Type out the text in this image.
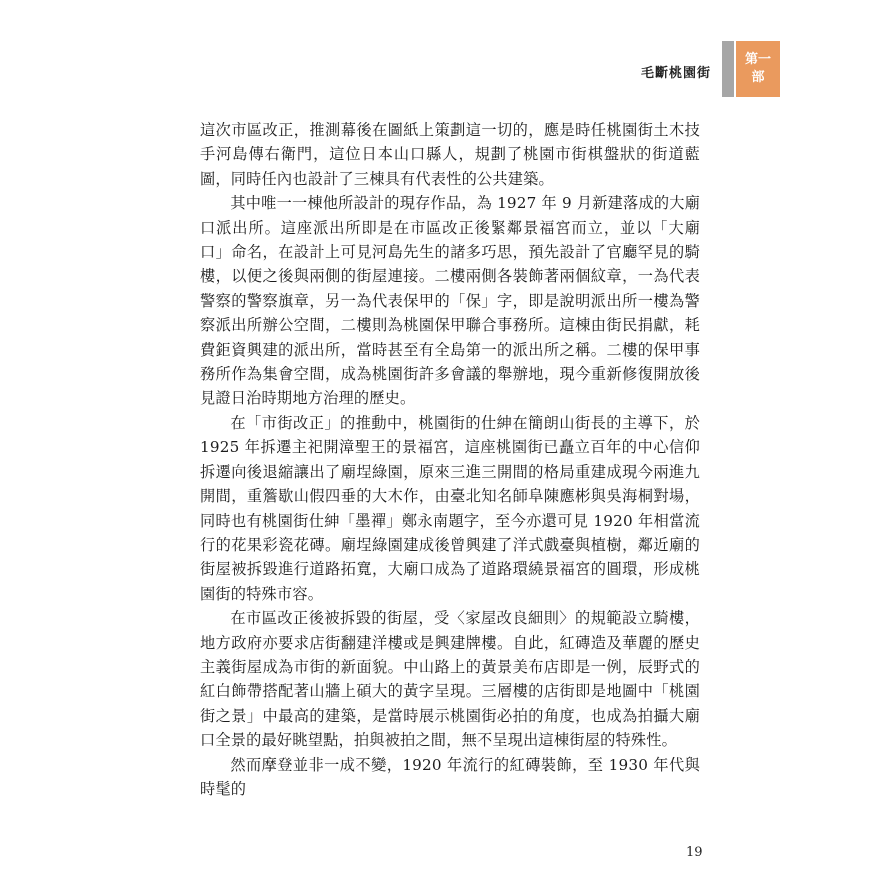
毛斷桃園街
第一部

這次市區改正，推測幕後在圖紙上策劃這一切的，應是時任桃園街土木技手河島傳右衛門，這位日本山口縣人，規劃了桃園市街棋盤狀的街道藍圖，同時任內也設計了三棟具有代表性的公共建築。

其中唯一一棟他所設計的現存作品，為 1927 年 9 月新建落成的大廟口派出所。這座派出所即是在市區改正後緊鄰景福宮而立，並以「大廟口」命名，在設計上可見河島先生的諸多巧思，預先設計了官廳罕見的騎樓，以便之後與兩側的街屋連接。二樓兩側各裝飾著兩個紋章，一為代表警察的警察旗章，另一為代表保甲的「保」字，即是說明派出所一樓為警察派出所辦公空間，二樓則為桃園保甲聯合事務所。這棟由街民捐獻，耗費鉅資興建的派出所，當時甚至有全島第一的派出所之稱。二樓的保甲事務所作為集會空間，成為桃園街許多會議的舉辦地，現今重新修復開放後見證日治時期地方治理的歷史。

在「市街改正」的推動中，桃園街的仕紳在簡朗山街長的主導下，於 1925 年拆遷主祀開漳聖王的景福宮，這座桃園街已矗立百年的中心信仰拆遷向後退縮讓出了廟埕綠園，原來三進三開間的格局重建成現今兩進九開間，重簷歇山假四垂的大木作，由臺北知名師阜陳應彬與吳海桐對場，同時也有桃園街仕紳「墨禪」鄭永南題字，至今亦還可見 1920 年相當流行的花果彩瓷花磚。廟埕綠園建成後曾興建了洋式戲臺與植樹，鄰近廟的街屋被拆毀進行道路拓寬，大廟口成為了道路環繞景福宮的圓環，形成桃園街的特殊市容。

在市區改正後被拆毀的街屋，受〈家屋改良細則〉的規範設立騎樓，地方政府亦要求店街翻建洋樓或是興建牌樓。自此，紅磚造及華麗的歷史主義街屋成為市街的新面貌。中山路上的黃景美布店即是一例，辰野式的紅白飾帶搭配著山牆上碩大的黃字呈現。三層樓的店街即是地圖中「桃園街之景」中最高的建築，是當時展示桃園街必拍的角度，也成為拍攝大廟口全景的最好眺望點，拍與被拍之間，無不呈現出這棟街屋的特殊性。

然而摩登並非一成不變，1920 年流行的紅磚裝飾，至 1930 年代與時髦的

19
